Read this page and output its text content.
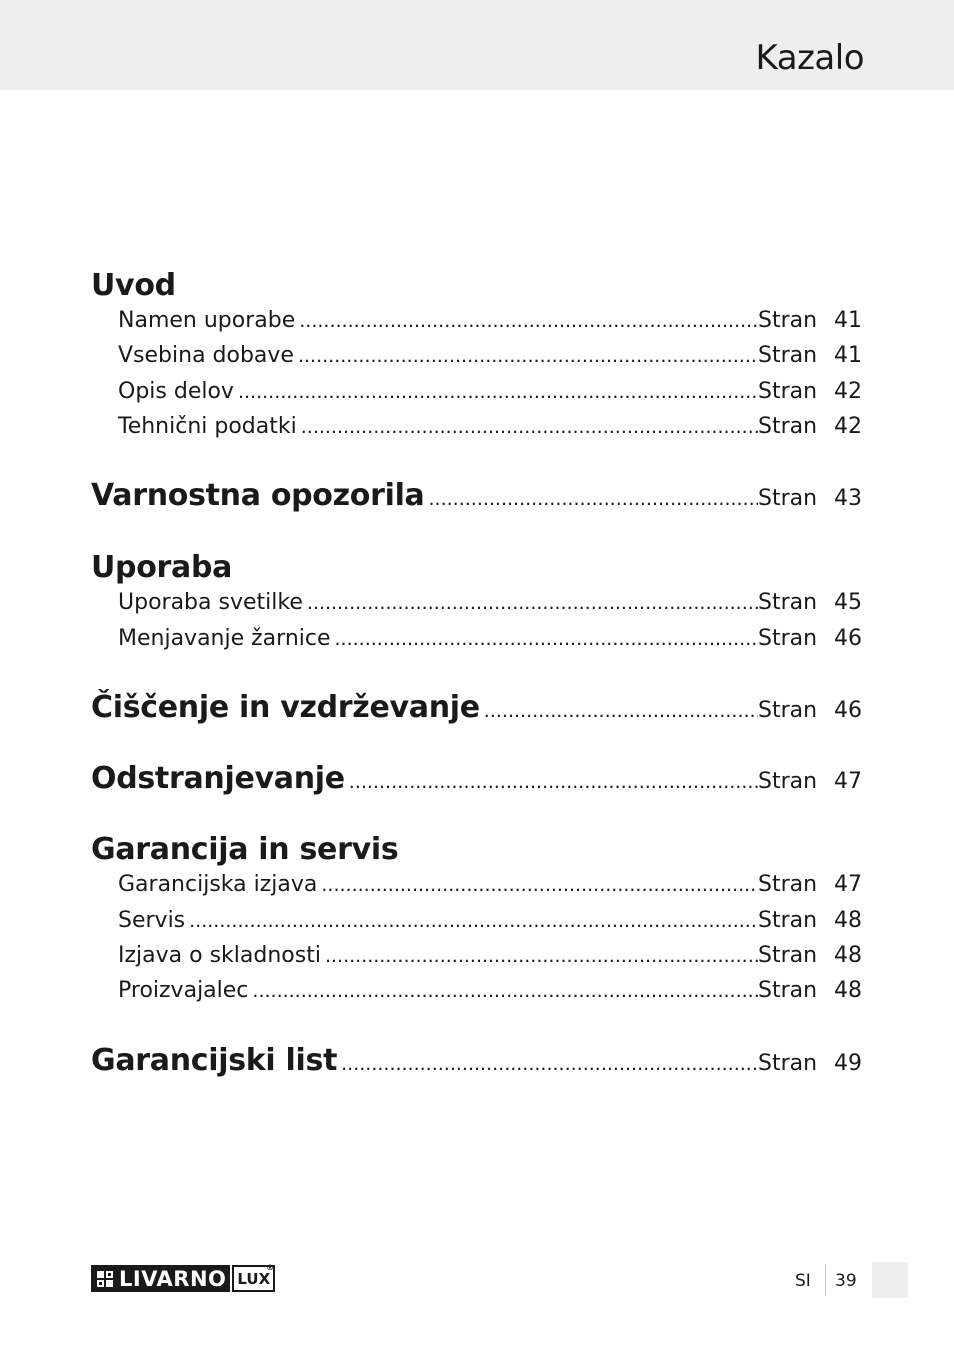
Kazalo
Uvod
Namen uporabe .....	Stran 41
Vsebina dobave .....	Stran 41
Opis delov .....	Stran 42
Tehnični podatki .....	Stran 42
Varnostna opozorila .....	Stran 43
Uporaba
Uporaba svetilke .....	Stran 45
Menjavanje žarnice .....	Stran 46
Čiščenje in vzdrževanje .....	Stran 46
Odstranjevanje .....	Stran 47
Garancija in servis
Garancijska izjava .....	Stran 47
Servis .....	Stran 48
Izjava o skladnosti .....	Stran 48
Proizvajalec .....	Stran 48
Garancijski list .....	Stran 49
LIVARNO LUX
®
SI 39
